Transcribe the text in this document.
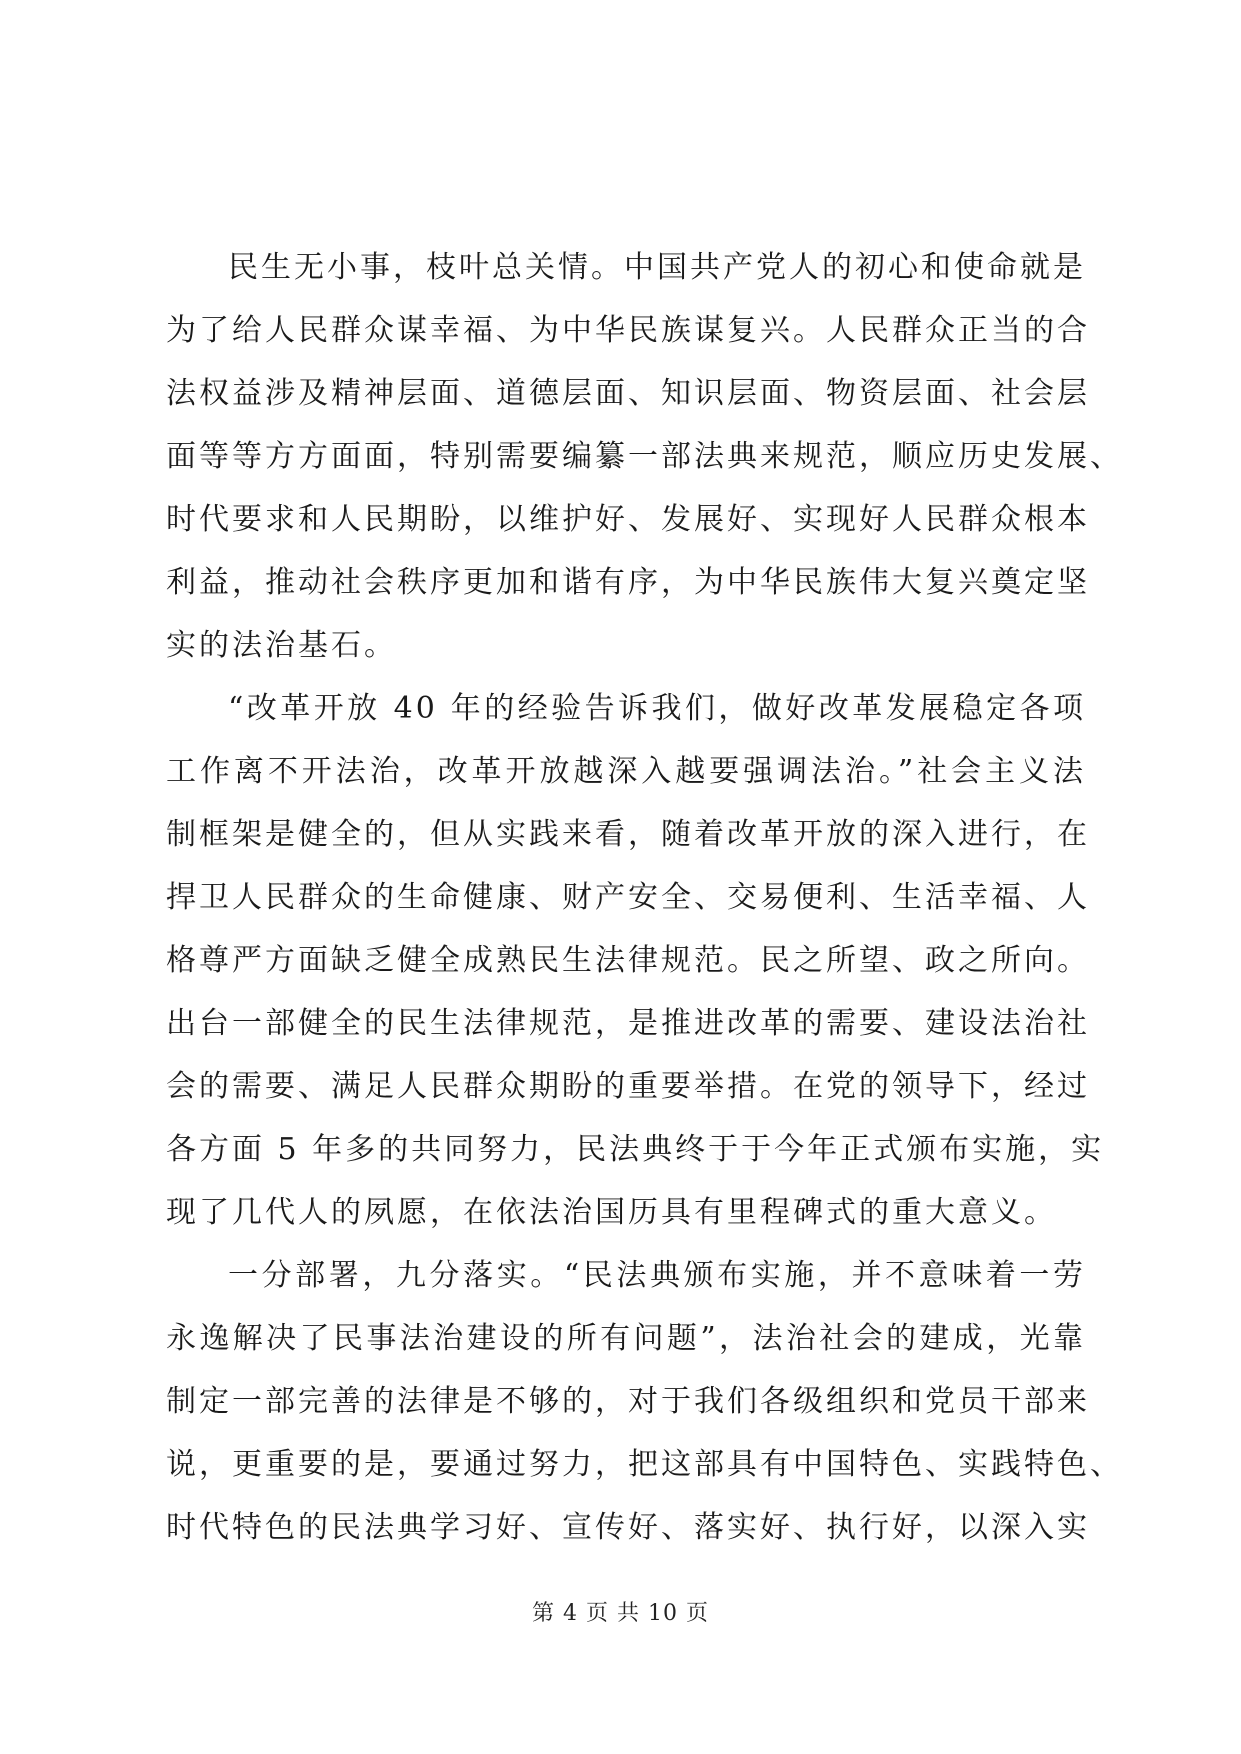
民生无小事，枝叶总关情。中国共产党人的初心和使命就是
为了给人民群众谋幸福、为中华民族谋复兴。人民群众正当的合
法权益涉及精神层面、道德层面、知识层面、物资层面、社会层
面等等方方面面，特别需要编纂一部法典来规范，顺应历史发展、
时代要求和人民期盼，以维护好、发展好、实现好人民群众根本
利益，推动社会秩序更加和谐有序，为中华民族伟大复兴奠定坚
实的法治基石。
“改革开放 40 年的经验告诉我们，做好改革发展稳定各项
工作离不开法治，改革开放越深入越要强调法治。”社会主义法
制框架是健全的，但从实践来看，随着改革开放的深入进行，在
捍卫人民群众的生命健康、财产安全、交易便利、生活幸福、人
格尊严方面缺乏健全成熟民生法律规范。民之所望、政之所向。
出台一部健全的民生法律规范，是推进改革的需要、建设法治社
会的需要、满足人民群众期盼的重要举措。在党的领导下，经过
各方面 5 年多的共同努力，民法典终于于今年正式颁布实施，实
现了几代人的夙愿，在依法治国历具有里程碑式的重大意义。
一分部署，九分落实。“民法典颁布实施，并不意味着一劳
永逸解决了民事法治建设的所有问题”，法治社会的建成，光靠
制定一部完善的法律是不够的，对于我们各级组织和党员干部来
说，更重要的是，要通过努力，把这部具有中国特色、实践特色、
时代特色的民法典学习好、宣传好、落实好、执行好，以深入实
第 4 页 共 10 页
